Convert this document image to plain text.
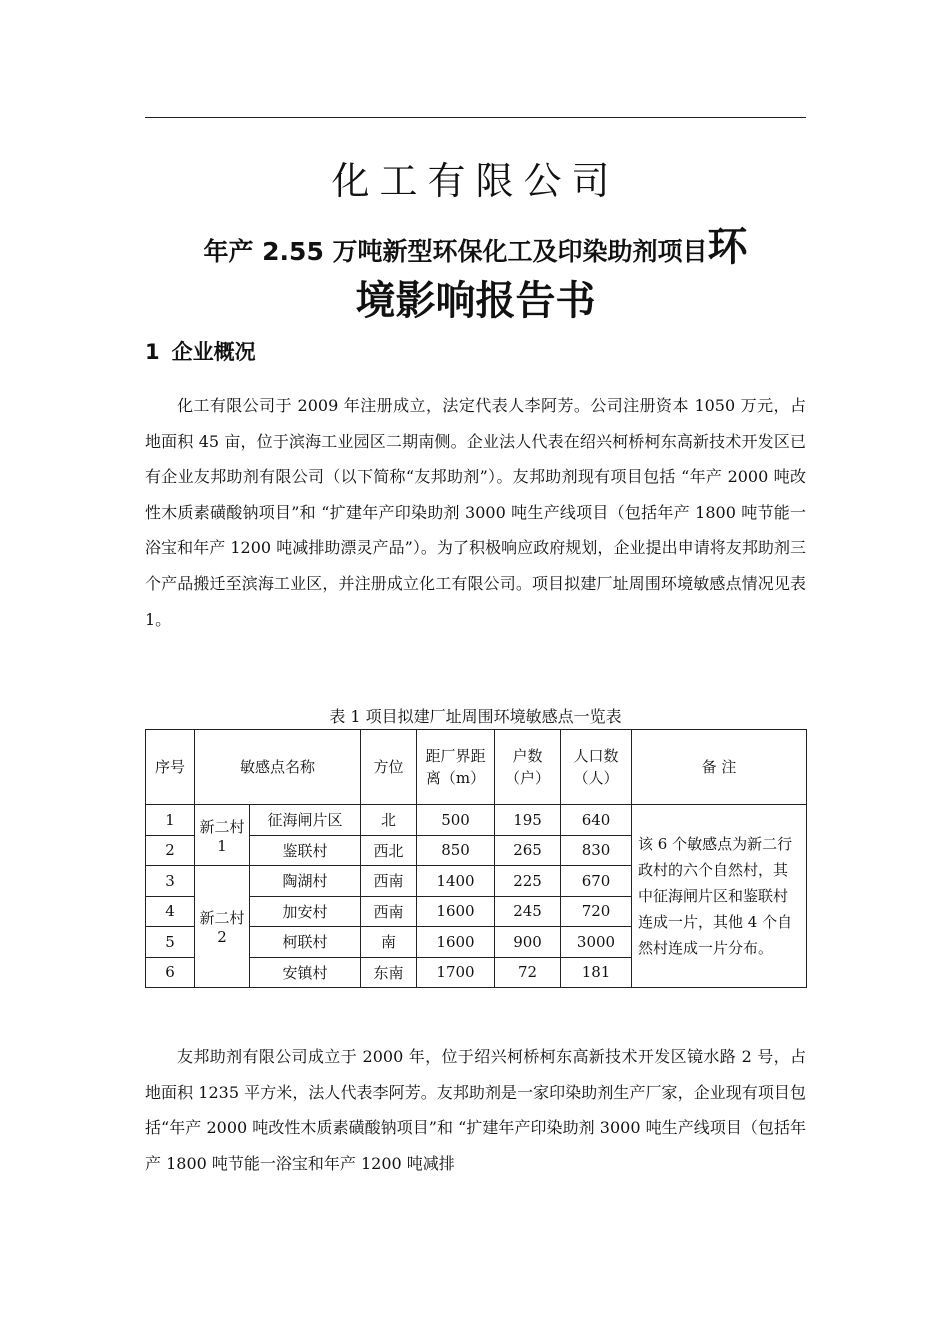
化工有限公司
年产 2.55 万吨新型环保化工及印染助剂项目环
境影响报告书
1 企业概况

化工有限公司于 2009 年注册成立，法定代表人李阿芳。公司注册资本 1050 万元，占地面积 45 亩，位于滨海工业园区二期南侧。企业法人代表在绍兴柯桥柯东高新技术开发区已有企业友邦助剂有限公司（以下简称“友邦助剂”）。友邦助剂现有项目包括 “年产 2000 吨改性木质素磺酸钠项目”和 “扩建年产印染助剂 3000 吨生产线项目（包括年产 1800 吨节能一浴宝和年产 1200 吨减排助漂灵产品”）。为了积极响应政府规划，企业提出申请将友邦助剂三个产品搬迁至滨海工业区，并注册成立化工有限公司。项目拟建厂址周围环境敏感点情况见表 1。

表 1 项目拟建厂址周围环境敏感点一览表
序号	敏感点名称		方位	距厂界距离（m）	户数（户）	人口数（人）	备 注
1	新二村 1	征海闸片区	北	500	195	640	该 6 个敏感点为新二行政村的六个自然村，其中征海闸片区和鉴联村连成一片，其他 4 个自然村连成一片分布。
2		鉴联村	西北	850	265	830	
3	新二村 2	陶湖村	西南	1400	225	670	
4		加安村	西南	1600	245	720	
5		柯联村	南	1600	900	3000	
6		安镇村	东南	1700	72	181	

友邦助剂有限公司成立于 2000 年，位于绍兴柯桥柯东高新技术开发区镜水路 2 号，占地面积 1235 平方米，法人代表李阿芳。友邦助剂是一家印染助剂生产厂家，企业现有项目包括“年产 2000 吨改性木质素磺酸钠项目”和 “扩建年产印染助剂 3000 吨生产线项目（包括年产 1800 吨节能一浴宝和年产 1200 吨减排
